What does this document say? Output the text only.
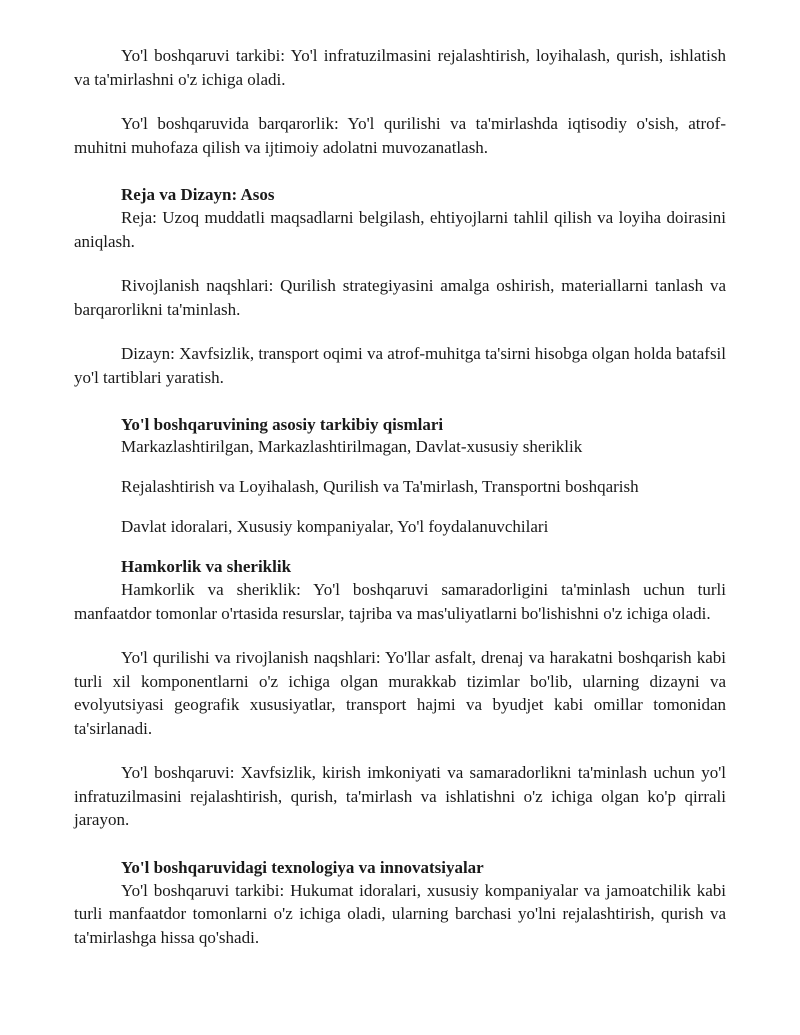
Yo'l boshqaruvi tarkibi: Yo'l infratuzilmasini rejalashtirish, loyihalash, qurish, ishlatish va ta'mirlashni o'z ichiga oladi.

Yo'l boshqaruvida barqarorlik: Yo'l qurilishi va ta'mirlashda iqtisodiy o'sish, atrof-muhitni muhofaza qilish va ijtimoiy adolatni muvozanatlash.

Reja va Dizayn: Asos

Reja: Uzoq muddatli maqsadlarni belgilash, ehtiyojlarni tahlil qilish va loyiha doirasini aniqlash.

Rivojlanish naqshlari: Qurilish strategiyasini amalga oshirish, materiallarni tanlash va barqarorlikni ta'minlash.

Dizayn: Xavfsizlik, transport oqimi va atrof-muhitga ta'sirni hisobga olgan holda batafsil yo'l tartiblari yaratish.

Yo'l boshqaruvining asosiy tarkibiy qismlari

Markazlashtirilgan, Markazlashtirilmagan, Davlat-xususiy sheriklik

Rejalashtirish va Loyihalash, Qurilish va Ta'mirlash, Transportni boshqarish

Davlat idoralari, Xususiy kompaniyalar, Yo'l foydalanuvchilari

Hamkorlik va sheriklik

Hamkorlik va sheriklik: Yo'l boshqaruvi samaradorligini ta'minlash uchun turli manfaatdor tomonlar o'rtasida resurslar, tajriba va mas'uliyatlarni bo'lishishni o'z ichiga oladi.

Yo'l qurilishi va rivojlanish naqshlari: Yo'llar asfalt, drenaj va harakatni boshqarish kabi turli xil komponentlarni o'z ichiga olgan murakkab tizimlar bo'lib, ularning dizayni va evolyutsiyasi geografik xususiyatlar, transport hajmi va byudjet kabi omillar tomonidan ta'sirlanadi.

Yo'l boshqaruvi: Xavfsizlik, kirish imkoniyati va samaradorlikni ta'minlash uchun yo'l infratuzilmasini rejalashtirish, qurish, ta'mirlash va ishlatishni o'z ichiga olgan ko'p qirrali jarayon.

Yo'l boshqaruvidagi texnologiya va innovatsiyalar

Yo'l boshqaruvi tarkibi: Hukumat idoralari, xususiy kompaniyalar va jamoatchilik kabi turli manfaatdor tomonlarni o'z ichiga oladi, ularning barchasi yo'lni rejalashtirish, qurish va ta'mirlashga hissa qo'shadi.
